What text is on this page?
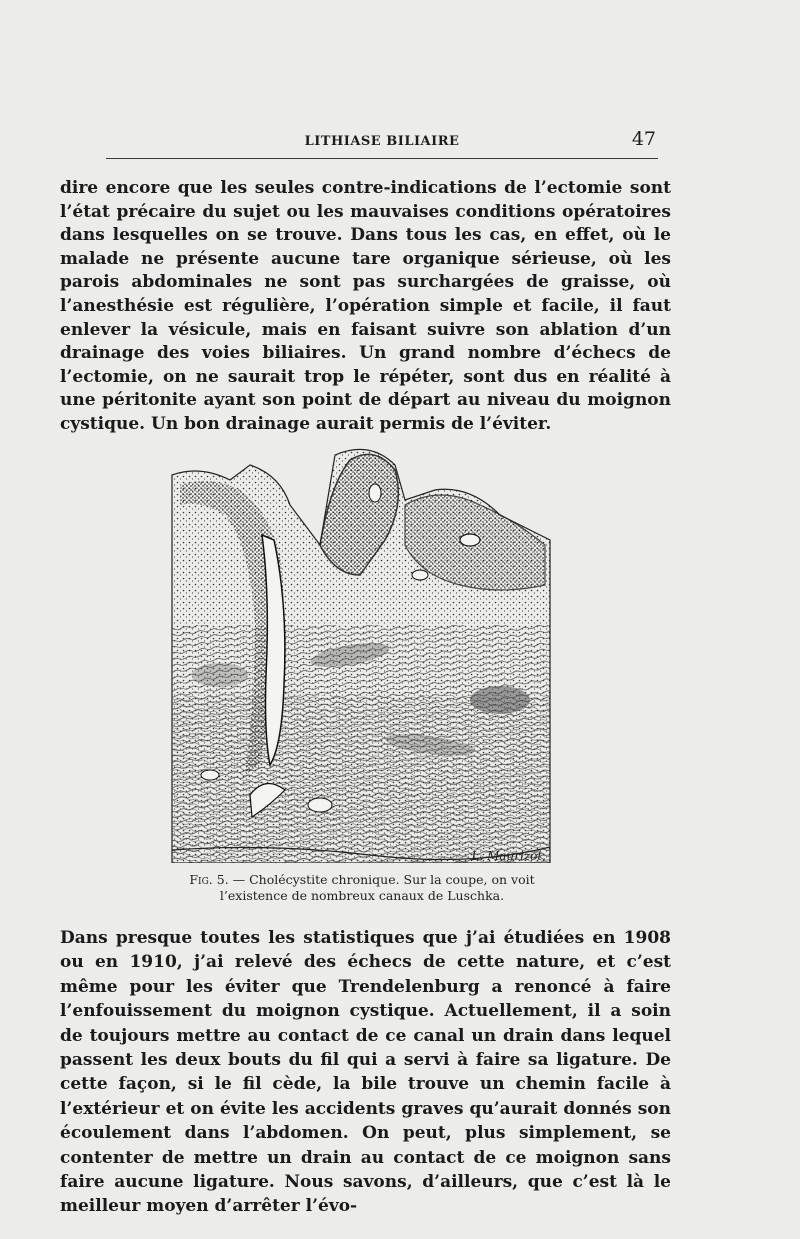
LITHIASE BILIAIRE	47

dire encore que les seules contre-indications de l’ectomie sont l’état précaire du sujet ou les mauvaises conditions opératoires dans lesquelles on se trouve. Dans tous les cas, en effet, où le malade ne présente aucune tare organique sérieuse, où les parois abdominales ne sont pas surchargées de graisse, où l’anesthésie est régulière, l’opération simple et facile, il faut enlever la vésicule, mais en faisant suivre son ablation d’un drainage des voies biliaires. Un grand nombre d’échecs de l’ectomie, on ne saurait trop le répéter, sont dus en réalité à une péritonite ayant son point de départ au niveau du moignon cystique. Un bon drainage aurait permis de l’éviter.

L. Maurizot.
Fig. 5. — Cholécystite chronique. Sur la coupe, on voit l’existence de nombreux canaux de Luschka.

Dans presque toutes les statistiques que j’ai étudiées en 1908 ou en 1910, j’ai relevé des échecs de cette nature, et c’est même pour les éviter que Trendelenburg a renoncé à faire l’enfouissement du moignon cystique. Actuellement, il a soin de toujours mettre au contact de ce canal un drain dans lequel passent les deux bouts du fil qui a servi à faire sa ligature. De cette façon, si le fil cède, la bile trouve un chemin facile à l’extérieur et on évite les accidents graves qu’aurait donnés son écoulement dans l’abdomen. On peut, plus simplement, se contenter de mettre un drain au contact de ce moignon sans faire aucune ligature. Nous savons, d’ailleurs, que c’est là le meilleur moyen d’arrêter l’évo-
